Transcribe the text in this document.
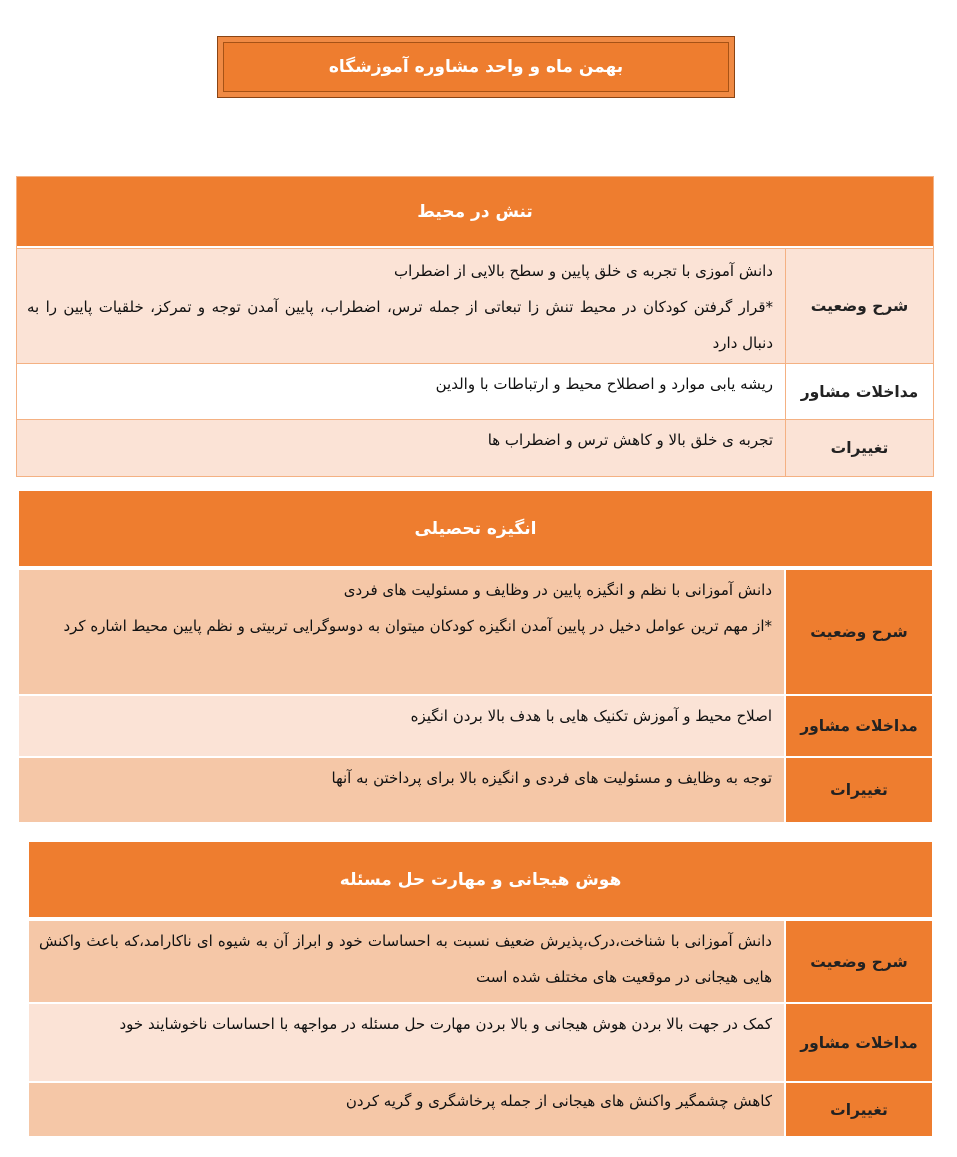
بهمن ماه و واحد مشاوره آموزشگاه
تنش در محیط
شرح وضعیت

دانش آموزی با تجربه ی خلق پایین و سطح بالایی از اضطراب

*قرار گرفتن کودکان در محیط تنش زا تبعاتی از جمله ترس، اضطراب، پایین آمدن توجه و تمرکز، خلقیات پایین را به دنبال دارد

مداخلات مشاور
ریشه یابی موارد و اصطلاح محیط و ارتباطات با والدین
تغییرات
تجربه ی خلق بالا و کاهش ترس و اضطراب ها
انگیزه تحصیلی
شرح وضعیت

دانش آموزانی با نظم و انگیزه پایین در وظایف و مسئولیت های فردی

*از مهم ترین عوامل دخیل در پایین آمدن انگیزه کودکان میتوان به دوسوگرایی تربیتی و نظم پایین محیط اشاره کرد

مداخلات مشاور
اصلاح محیط و آموزش تکنیک هایی با هدف بالا بردن انگیزه
تغییرات
توجه به وظایف و مسئولیت های فردی و انگیزه بالا برای پرداختن به آنها
هوش هیجانی و مهارت حل مسئله
شرح وضعیت

دانش آموزانی با شناخت،درک،پذیرش ضعیف نسبت به احساسات خود و ابراز آن به شیوه ای ناکارامد،که باعث واکنش هایی هیجانی در موقعیت های مختلف شده است

مداخلات مشاور
کمک در جهت بالا بردن هوش هیجانی و بالا بردن مهارت حل مسئله در مواجهه با احساسات ناخوشایند خود
تغییرات
کاهش چشمگیر واکنش های هیجانی از جمله پرخاشگری و گریه کردن
